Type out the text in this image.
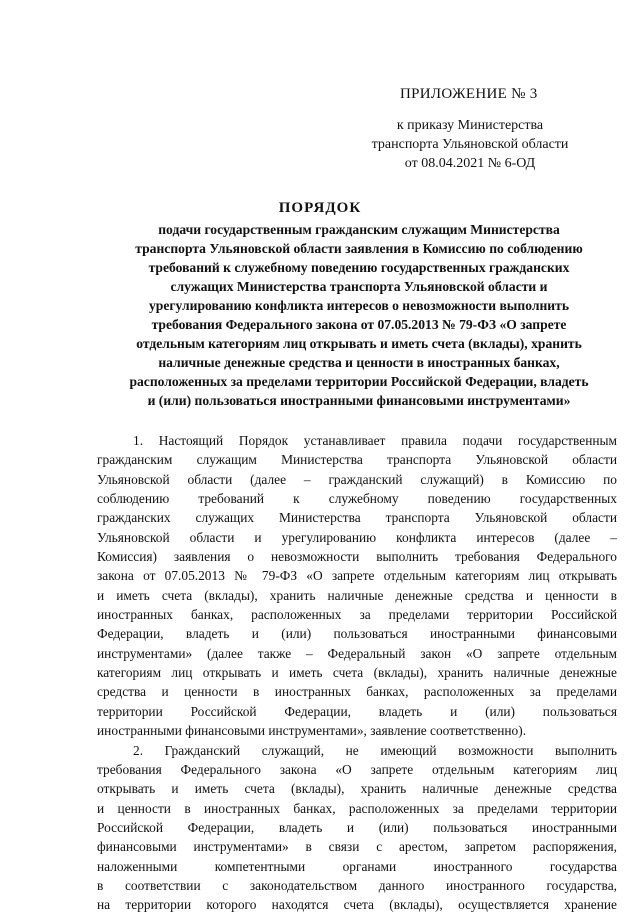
ПРИЛОЖЕНИЕ № 3
к приказу Министерства
транспорта Ульяновской области
от 08.04.2021 № 6-ОД
ПОРЯДОК
подачи государственным гражданским служащим Министерства
транспорта Ульяновской области заявления в Комиссию по соблюдению
требований к служебному поведению государственных гражданских
служащих Министерства транспорта Ульяновской области и
урегулированию конфликта интересов о невозможности выполнить
требования Федерального закона от 07.05.2013 № 79-ФЗ «О запрете
отдельным категориям лиц открывать и иметь счета (вклады), хранить
наличные денежные средства и ценности в иностранных банках,
расположенных за пределами территории Российской Федерации, владеть
и (или) пользоваться иностранными финансовыми инструментами»
1. Настоящий Порядок устанавливает правила подачи государственным
гражданским служащим Министерства транспорта Ульяновской области
Ульяновской области (далее – гражданский служащий) в Комиссию по
соблюдению требований к служебному поведению государственных
гражданских служащих Министерства транспорта Ульяновской области
Ульяновской области и урегулированию конфликта интересов (далее –
Комиссия) заявления о невозможности выполнить требования Федерального
закона от 07.05.2013 № 79-ФЗ «О запрете отдельным категориям лиц открывать
и иметь счета (вклады), хранить наличные денежные средства и ценности в
иностранных банках, расположенных за пределами территории Российской
Федерации, владеть и (или) пользоваться иностранными финансовыми
инструментами» (далее также – Федеральный закон «О запрете отдельным
категориям лиц открывать и иметь счета (вклады), хранить наличные денежные
средства и ценности в иностранных банках, расположенных за пределами
территории Российской Федерации, владеть и (или) пользоваться
иностранными финансовыми инструментами», заявление соответственно).
2. Гражданский служащий, не имеющий возможности выполнить
требования Федерального закона «О запрете отдельным категориям лиц
открывать и иметь счета (вклады), хранить наличные денежные средства
и ценности в иностранных банках, расположенных за пределами территории
Российской Федерации, владеть и (или) пользоваться иностранными
финансовыми инструментами» в связи с арестом, запретом распоряжения,
наложенными компетентными органами иностранного государства
в соответствии с законодательством данного иностранного государства,
на территории которого находятся счета (вклады), осуществляется хранение
